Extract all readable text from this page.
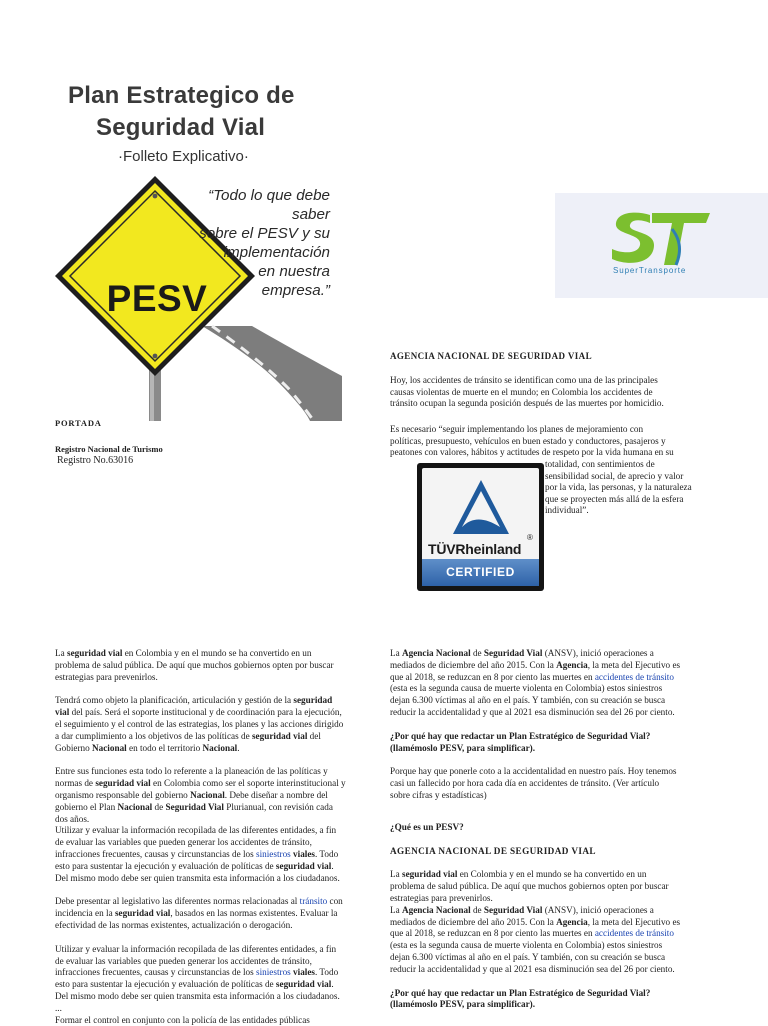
Plan Estrategico de
Seguridad Vial
·Folleto Explicativo·
PESV
“Todo lo que debe
saber
sobre el PESV y su
implementación
en nuestra
empresa.”
PORTADA
Registro Nacional de Turismo
Registro No.63016
SuperTransporte
AGENCIA NACIONAL DE SEGURIDAD VIAL
Hoy, los accidentes de tránsito se identifican como una de las principales
causas violentas de muerte en el mundo; en Colombia los accidentes de
tránsito ocupan la segunda posición después de las muertes por homicidio.
Es necesario “seguir implementando los planes de mejoramiento con
políticas, presupuesto, vehículos en buen estado y conductores, pasajeros y
peatones con valores, hábitos y actitudes de respeto por la vida humana en su
totalidad, con sentimientos de
sensibilidad social, de aprecio y valor
por la vida, las personas, y la naturaleza
que se proyecten más allá de la esfera
individual”.
TÜVRheinland
®
CERTIFIED
La seguridad vial en Colombia y en el mundo se ha convertido en un
problema de salud pública. De aquí que muchos gobiernos opten por buscar
estrategias para prevenirlos.
Tendrá como objeto la planificación, articulación y gestión de la seguridad
vial del país. Será el soporte institucional y de coordinación para la ejecución,
el seguimiento y el control de las estrategias, los planes y las acciones dirigido
a dar cumplimiento a los objetivos de las políticas de seguridad vial del
Gobierno Nacional en todo el territorio Nacional.
Entre sus funciones esta todo lo referente a la planeación de las políticas y
normas de seguridad vial en Colombia como ser el soporte interinstitucional y
organismo responsable del gobierno Nacional. Debe diseñar a nombre del
gobierno el Plan Nacional de Seguridad Vial Plurianual, con revisión cada
dos años.
Utilizar y evaluar la información recopilada de las diferentes entidades, a fin
de evaluar las variables que pueden generar los accidentes de tránsito,
infracciones frecuentes, causas y circunstancias de los siniestros viales. Todo
esto para sustentar la ejecución y evaluación de políticas de seguridad vial.
Del mismo modo debe ser quien transmita esta información a los ciudadanos.
Debe presentar al legislativo las diferentes normas relacionadas al tránsito con
incidencia en la seguridad vial, basados en las normas existentes. Evaluar la
efectividad de las normas existentes, actualización o derogación.
Utilizar y evaluar la información recopilada de las diferentes entidades, a fin
de evaluar las variables que pueden generar los accidentes de tránsito,
infracciones frecuentes, causas y circunstancias de los siniestros viales. Todo
esto para sustentar la ejecución y evaluación de políticas de seguridad vial.
Del mismo modo debe ser quien transmita esta información a los ciudadanos.
...
Formar el control en conjunto con la policía de las entidades públicas
La Agencia Nacional de Seguridad Vial (ANSV), inició operaciones a
mediados de diciembre del año 2015. Con la Agencia, la meta del Ejecutivo es
que al 2018, se reduzcan en 8 por ciento las muertes en accidentes de tránsito
(esta es la segunda causa de muerte violenta en Colombia) estos siniestros
dejan 6.300 víctimas al año en el país. Y también, con su creación se busca
reducir la accidentalidad y que al 2021 esa disminución sea del 26 por ciento.
¿Por qué hay que redactar un Plan Estratégico de Seguridad Vial?
(llamémoslo PESV, para simplificar).
Porque hay que ponerle coto a la accidentalidad en nuestro país. Hoy tenemos
casi un fallecido por hora cada día en accidentes de tránsito. (Ver artículo
sobre cifras y estadísticas)
¿Qué es un PESV?
AGENCIA NACIONAL DE SEGURIDAD VIAL
La seguridad vial en Colombia y en el mundo se ha convertido en un
problema de salud pública. De aquí que muchos gobiernos opten por buscar
estrategias para prevenirlos.
La Agencia Nacional de Seguridad Vial (ANSV), inició operaciones a
mediados de diciembre del año 2015. Con la Agencia, la meta del Ejecutivo es
que al 2018, se reduzcan en 8 por ciento las muertes en accidentes de tránsito
(esta es la segunda causa de muerte violenta en Colombia) estos siniestros
dejan 6.300 víctimas al año en el país. Y también, con su creación se busca
reducir la accidentalidad y que al 2021 esa disminución sea del 26 por ciento.
¿Por qué hay que redactar un Plan Estratégico de Seguridad Vial?
(llamémoslo PESV, para simplificar).
